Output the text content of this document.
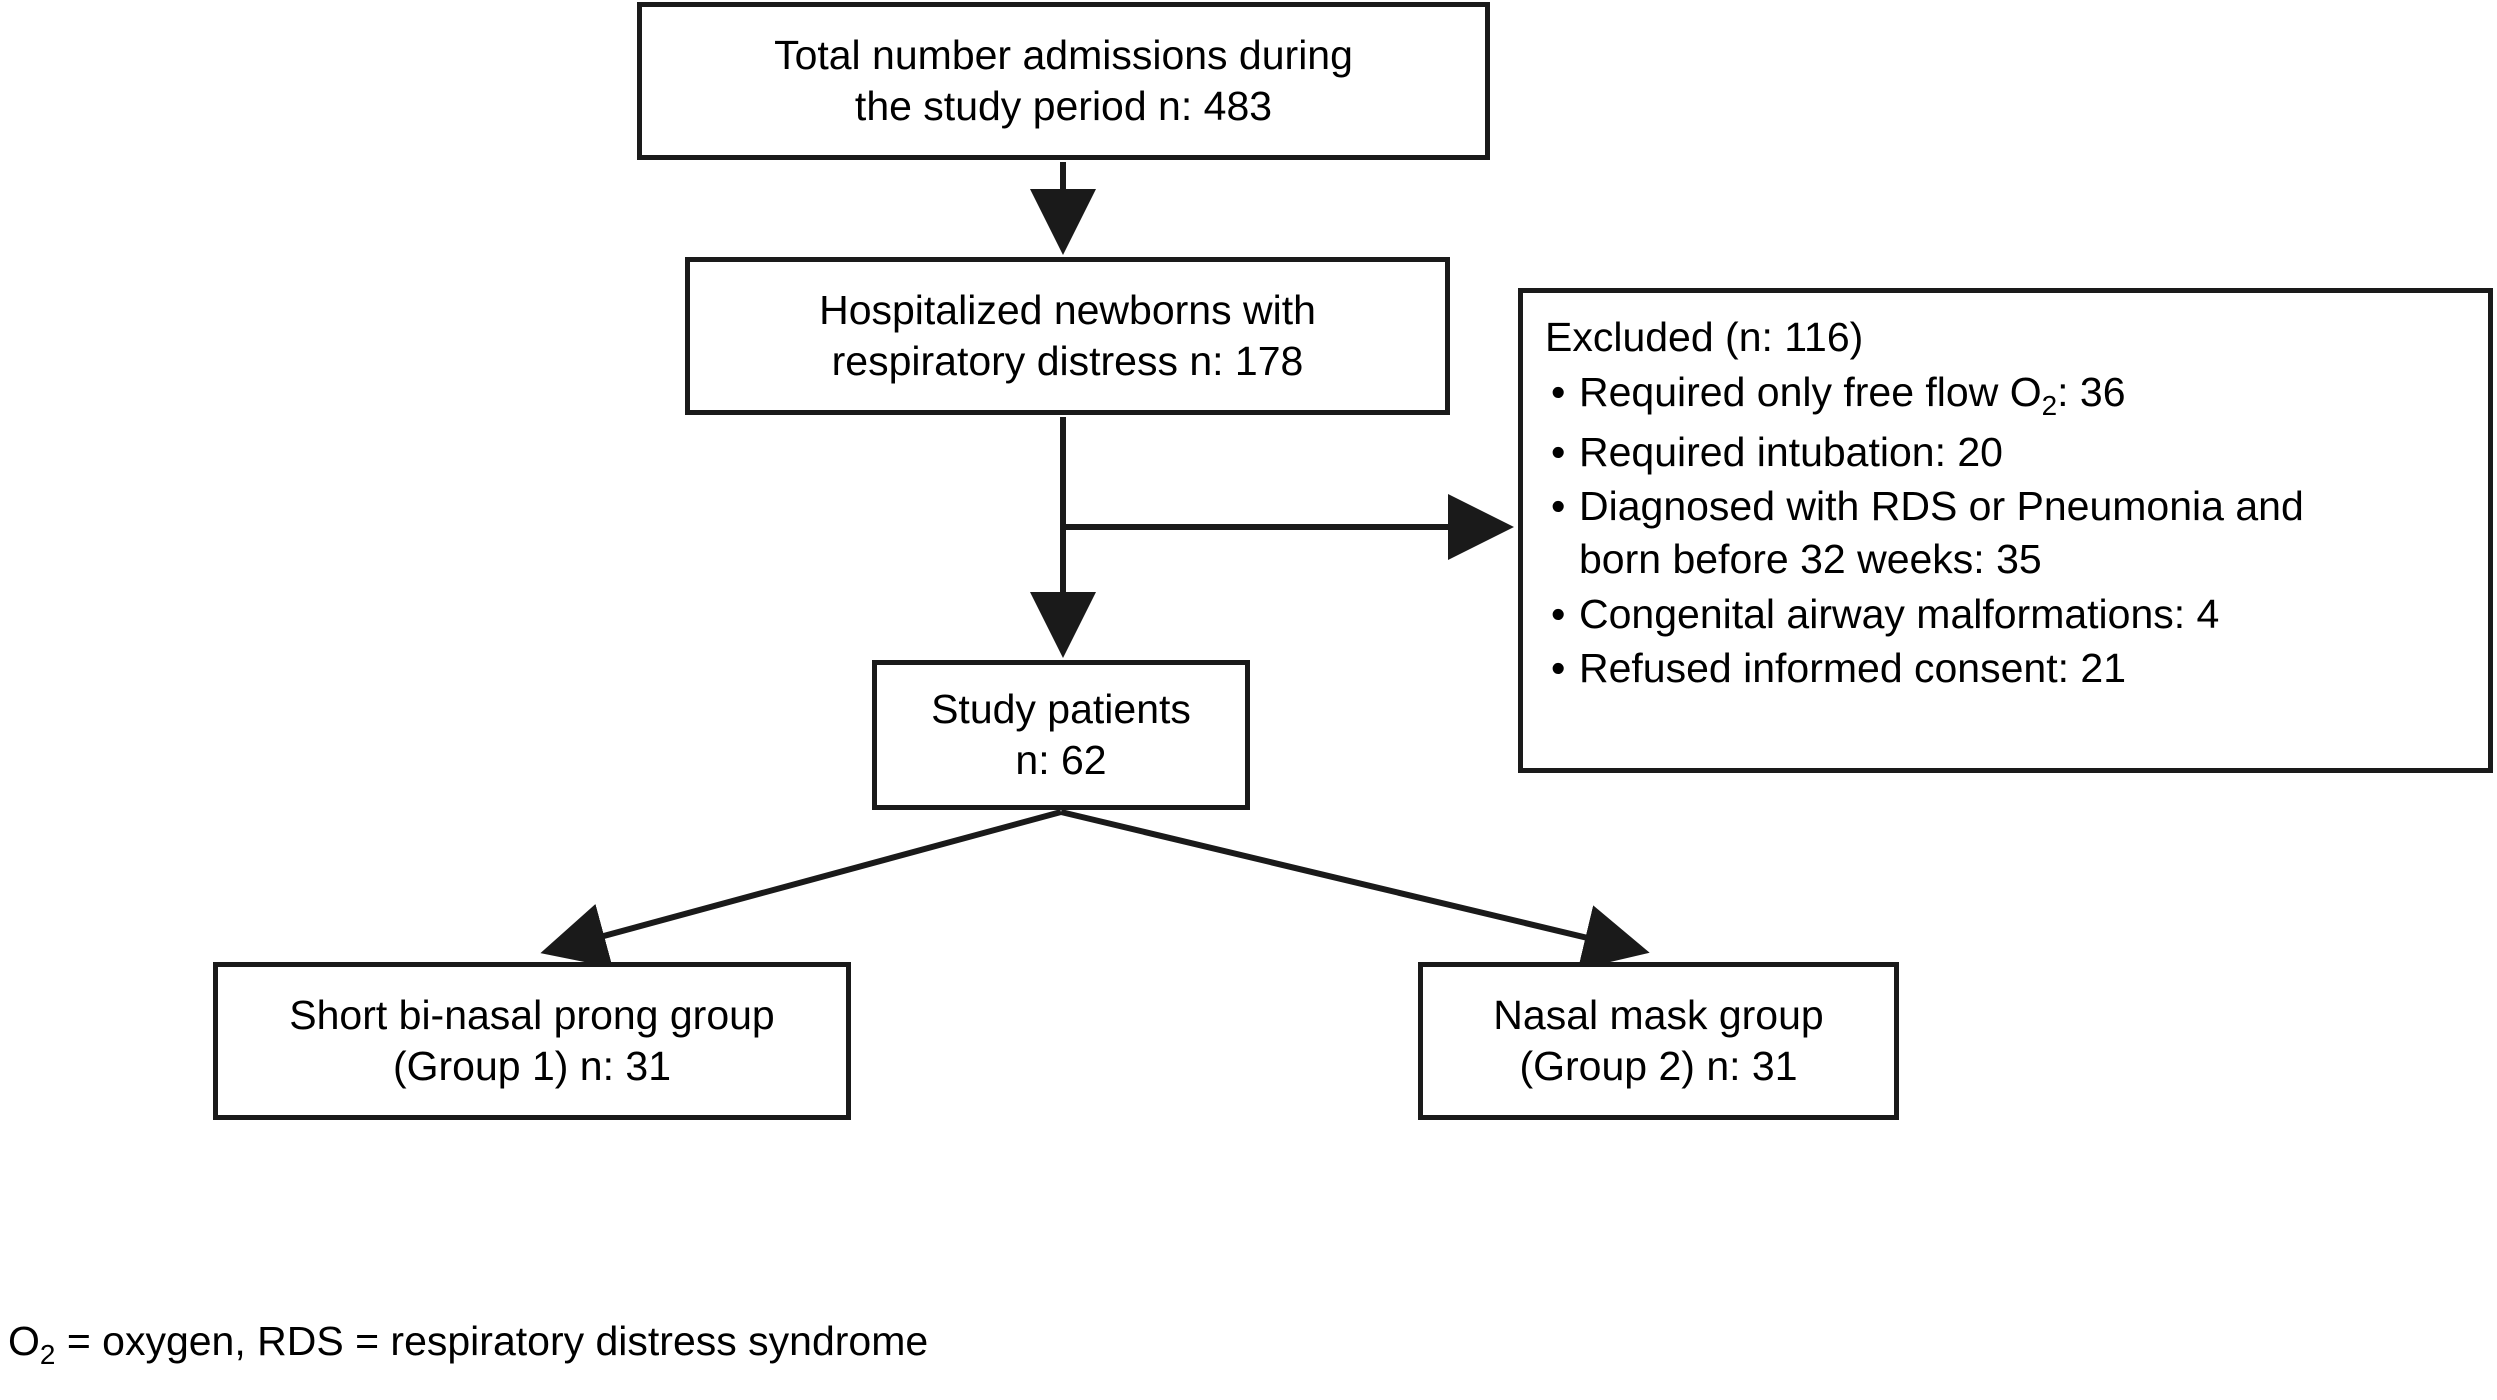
Total number admissions during
the study period n: 483
Hospitalized newborns with
respiratory distress n: 178
Study patients
n: 62
Short bi-nasal prong group
(Group 1) n: 31
Nasal mask group
(Group 2) n: 31

Excluded (n: 116)

• Required only free flow $O_2$: 36
• Required intubation: 20
• Diagnosed with RDS or Pneumonia and
born before 32 weeks: 35
• Congenital airway malformations: 4
• Refused informed consent: 21
$O_2$ = oxygen, RDS = respiratory distress syndrome
